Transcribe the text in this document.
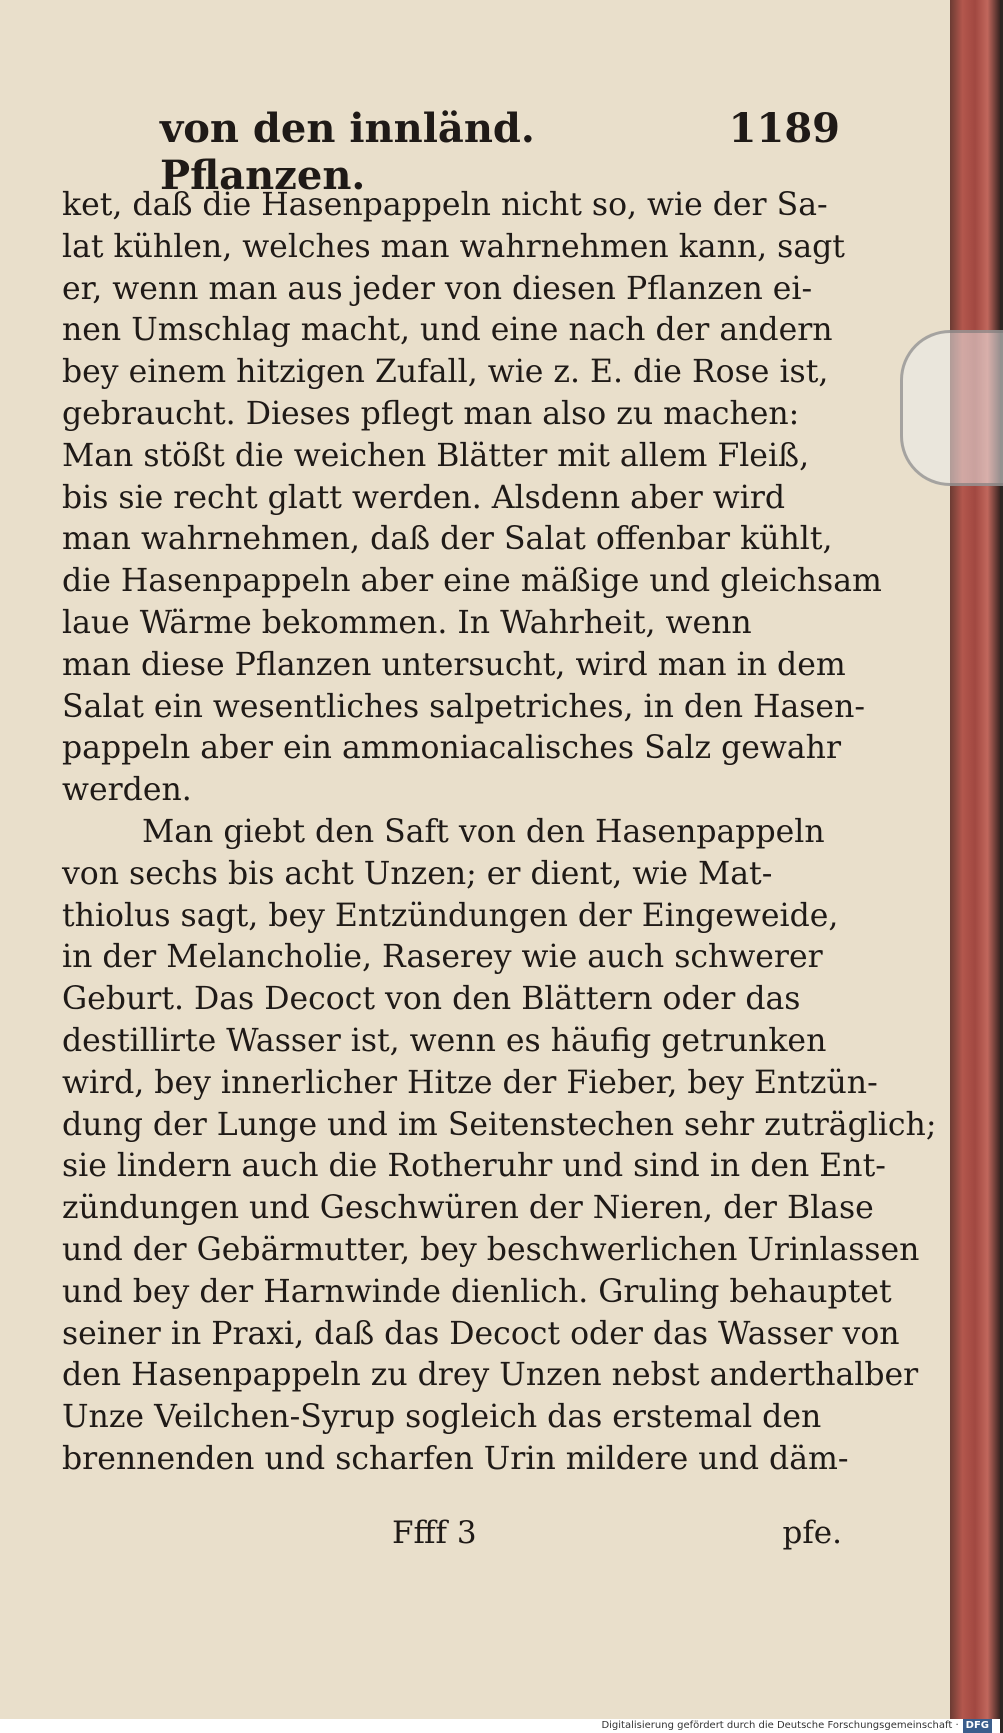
von den innländ. Pflanzen.
1189
ket, daß die Hasenpappeln nicht so, wie der Sa-
lat kühlen, welches man wahrnehmen kann, sagt
er, wenn man aus jeder von diesen Pflanzen ei-
nen Umschlag macht, und eine nach der andern
bey einem hitzigen Zufall, wie z. E. die Rose ist,
gebraucht. Dieses pflegt man also zu machen:
Man stößt die weichen Blätter mit allem Fleiß,
bis sie recht glatt werden. Alsdenn aber wird
man wahrnehmen, daß der Salat offenbar kühlt,
die Hasenpappeln aber eine mäßige und gleichsam
laue Wärme bekommen. In Wahrheit, wenn
man diese Pflanzen untersucht, wird man in dem
Salat ein wesentliches salpetriches, in den Hasen-
pappeln aber ein ammoniacalisches Salz gewahr
werden.
Man giebt den Saft von den Hasenpappeln
von sechs bis acht Unzen; er dient, wie Mat-
thiolus sagt, bey Entzündungen der Eingeweide,
in der Melancholie, Raserey wie auch schwerer
Geburt. Das Decoct von den Blättern oder das
destillirte Wasser ist, wenn es häufig getrunken
wird, bey innerlicher Hitze der Fieber, bey Entzün-
dung der Lunge und im Seitenstechen sehr zuträglich;
sie lindern auch die Rotheruhr und sind in den Ent-
zündungen und Geschwüren der Nieren, der Blase
und der Gebärmutter, bey beschwerlichen Urinlassen
und bey der Harnwinde dienlich. Gruling behauptet
seiner in Praxi, daß das Decoct oder das Wasser von
den Hasenpappeln zu drey Unzen nebst anderthalber
Unze Veilchen-Syrup sogleich das erstemal den
brennenden und scharfen Urin mildere und däm-
Ffff 3	pfe.
Digitalisierung gefördert durch die Deutsche Forschungsgemeinschaft · DFG
